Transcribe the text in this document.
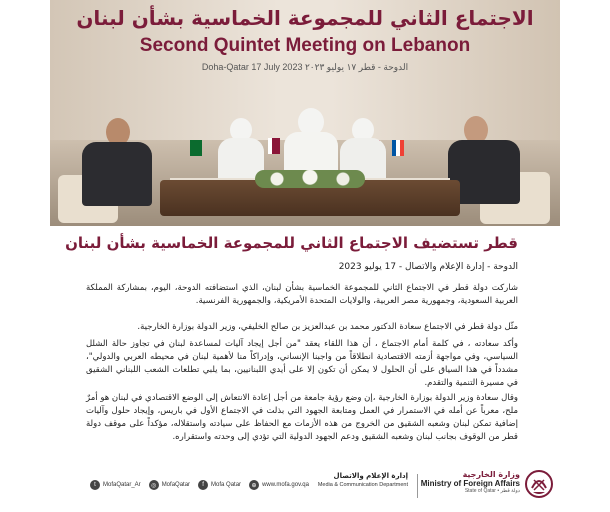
الاجتماع الثاني للمجموعة الخماسية بشأن لبنان
Second Quintet Meeting on Lebanon
Doha-Qatar 17 July 2023 الدوحة - قطر ١٧ يوليو ٢٠٢٣
قطر تستضيف الاجتماع الثاني للمجموعة الخماسية بشأن لبنان
الدوحة - إدارة الإعلام والاتصال - 17 يوليو 2023
شاركت دولة قطر في الاجتماع الثاني للمجموعة الخماسية بشأن لبنان، الذي استضافته الدوحة، اليوم، بمشاركة المملكة العربية السعودية، وجمهورية مصر العربية، والولايات المتحدة الأمريكية، والجمهورية الفرنسية.
مثّل دولة قطر في الاجتماع سعادة الدكتور محمد بن عبدالعزيز بن صالح الخليفي، وزير الدولة بوزارة الخارجية.
وأكد سعادته ، في كلمة أمام الاجتماع ، أن هذا اللقاء يعقد "من أجل إيجاد آليات لمساعدة لبنان في تجاوز حالة الشلل السياسي، وفي مواجهة أزمته الاقتصادية انطلاقاً من واجبنا الإنساني، وإدراكاً منا لأهمية لبنان في محيطه العربي والدولي"، مشدداً في هذا السياق على أن الحلول لا يمكن أن تكون إلا على أيدي اللبنانيين، بما يلبي تطلعات الشعب اللبناني الشقيق في مسيرة التنمية والتقدم.
وقال سعادة وزير الدولة بوزارة الخارجية ،إن وضع رؤية جامعة من أجل إعادة الانتعاش إلى الوضع الاقتصادي في لبنان هو أمرٌ ملح، معرباً عن أمله في الاستمرار في العمل ومتابعة الجهود التي بذلت في الاجتماع الأول في باريس، وإيجاد حلول وآليات إضافية تمكن لبنان وشعبه الشقيق من الخروج من هذه الأزمات مع الحفاظ على سيادته واستقلاله، مؤكداً على موقف دولة قطر من الوقوف بجانب لبنان وشعبه الشقيق ودعم الجهود الدولية التي تؤدي إلى وحدته واستقراره.
t	MofaQatar_Ar	◎ MofaQatar	f	Mofa Qatar	⊕ www.mofa.gov.qa
إدارة الإعلام والاتصال
Media & Communication Department
وزارة الخارجية
Ministry of Foreign Affairs
State of Qatar • دولة قطر
